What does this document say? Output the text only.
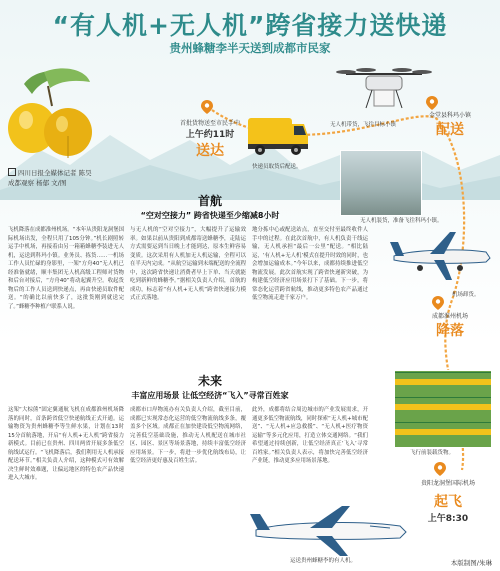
“有人机+无人机”跨省接力送快递
贵州蜂糖李半天送到成都市民家
四川日报全媒体记者 陈昊
成都观察 杨郁 文/图
首批货物送至市民手中
上午约11时
送达
快递员取货后配送。
无人机带货，飞往目标小镇
金堂县科玛小镇
配送
无人机装货，准备飞往科玛小镇。
成都淮州机场
降落
机场卸货。
首航
“空对空接力” 跨省快递至少缩减8小时
飞机降落在成都淮州机场。“本年从贵阳龙洞堡国际机场出发，全程只用了105分钟。”机长剧照转运手中机场，再接着由另一箱箱蜂糖李装进无人机，运送到科玛小镇。业务员、拣货……一机场工作人员忙碌的身影里，一架“方舟40”无人机已经准备就绪，顺丰集团无人机高级工程师对货物和后台对接后，“方舟40”将动起翼升空。收起货物后的工作人员送到快递点，再由快递员取件配送。“的确比以前快多了，这批货刚到就送完了。”蜂糖李种植户联系人说。
与无人机的“空对空接力”，大幅提升了运输效率。如果以前从贵阳到成都寄送蜂糖李，走陆运方式需要运到当日晚上才能到达，原本生鲜容易变质。这次采用有人机加无人机运输，全程可以在半天内完成。“从航空运输到末端配送的全流程中，这次跨省快递让消费者早上下单、当天就能吃到新鲜的蜂糖李。”据相关负责人介绍，首航的成功，标志着“有人机+无人机”跨省快递接力模式正式落地。
地分拣中心或配送站点，直至交付至最终收件人手中的过程。在此次首航中，有人机负责干线运输，无人机承担“最后一公里”配送。“相比陆运，‘有人机+无人机’模式在提升时效的同时，也会增加运输成本。”今年以来，成都持续推进低空物流发展。此次首航实现了跨省快递新突破，为构建低空经济应用场景打下了基础。下一步，将常态化运营跨省航线，推动更多特色农产品通过低空物流走进千家万户。
未来
丰富应用场景 让低空经济“飞入”寻常百姓家
这架“大棕熊”固定翼通航飞机在成都淮州机场降落的同时，首条跨省低空快递航线正式开通。运输物资为贵州蜂糖李等生鲜水果，计划在13时15分首航落地，开启“有人机+无人机”跨省接力新模式。目前已在贵州、四川两省开展多条低空航线试运行。“飞机降落后，我们利用无人机承接配送环节。”相关负责人介绍，这种模式可有效解决生鲜时效难题，让偏远地区的特色农产品快速进入大城市。
成都市口岸物流办有关负责人介绍，截至目前，成都已实现常态化运营的低空物流航线多条，覆盖多个区域。成都正在加快建设低空物流网络，完善低空基础设施，推动无人机配送在城市社区、园区、景区等场景落地，持续丰富低空经济应用场景。下一步，将进一步优化航线布局，让低空经济更好惠及百姓生活。
此外，成都将结合周边城市的产业发展需求，开通更多低空物流航线，同时探索“无人机+城市配送”、“无人机+应急救援”、“无人机+医疗物资运输”等多元化应用，打造立体交通网络。“我们希望通过持续创新，让低空经济真正‘飞入’寻常百姓家。”相关负责人表示，将加快完善低空经济产业链，推动更多应用场景落地。
飞行前装载货物。
贵阳龙洞堡国际机场
起飞
上午8:30
运送贵州蜂糖李的有人机。	本版制图/朱琳
